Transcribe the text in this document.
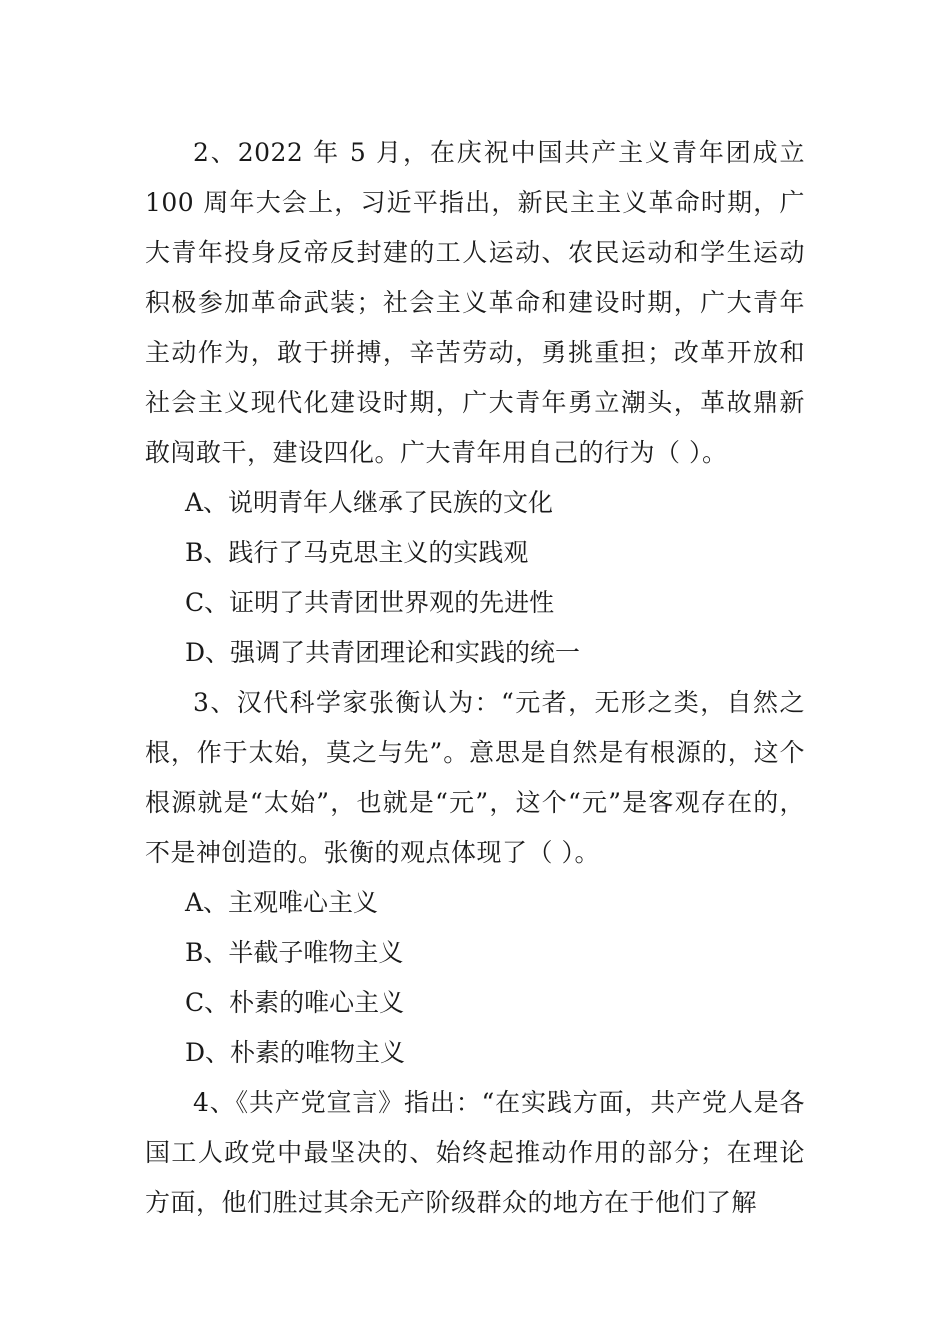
2、2022 年 5 月，在庆祝中国共产主义青年团成立 100 周年大会上，习近平指出，新民主主义革命时期，广大青年投身反帝反封建的工人运动、农民运动和学生运动积极参加革命武装；社会主义革命和建设时期，广大青年主动作为，敢于拼搏，辛苦劳动，勇挑重担；改革开放和社会主义现代化建设时期，广大青年勇立潮头，革故鼎新敢闯敢干，建设四化。广大青年用自己的行为（ ）。

A、说明青年人继承了民族的文化

B、践行了马克思主义的实践观

C、证明了共青团世界观的先进性

D、强调了共青团理论和实践的统一

3、汉代科学家张衡认为：“元者，无形之类，自然之根，作于太始，莫之与先”。意思是自然是有根源的，这个根源就是“太始”，也就是“元”，这个“元”是客观存在的，不是神创造的。张衡的观点体现了（ ）。

A、主观唯心主义

B、半截子唯物主义

C、朴素的唯心主义

D、朴素的唯物主义

4、《共产党宣言》指出：“在实践方面，共产党人是各国工人政党中最坚决的、始终起推动作用的部分；在理论方面，他们胜过其余无产阶级群众的地方在于他们了解
